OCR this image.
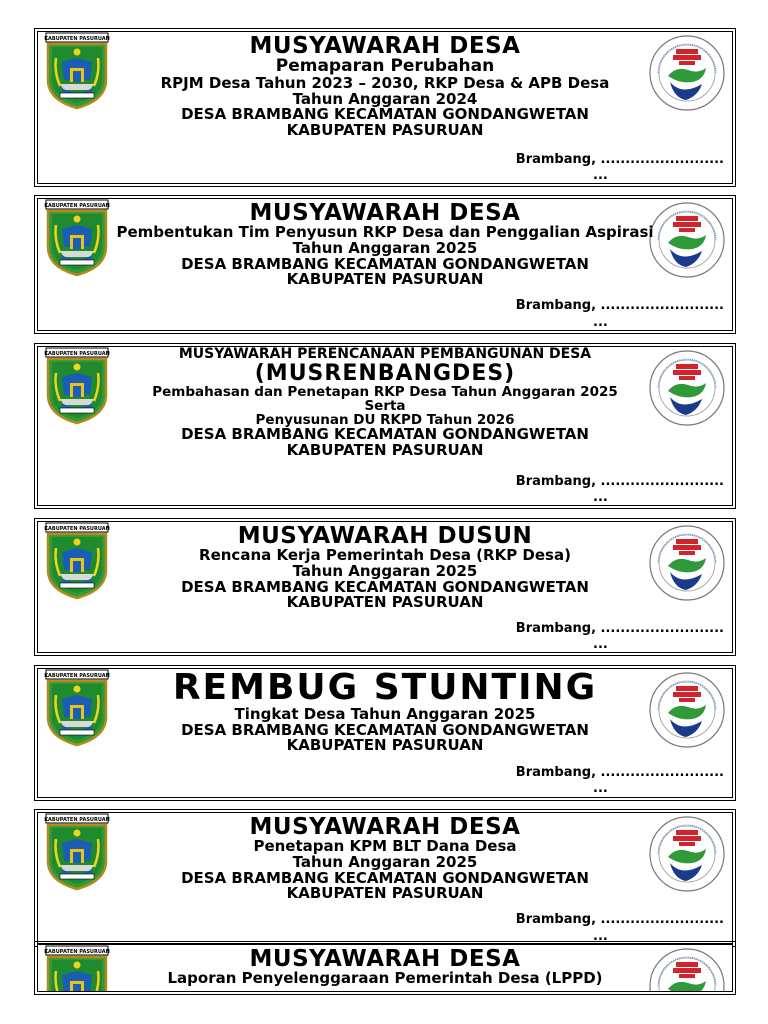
MUSYAWARAH DESA
Pemaparan Perubahan
RPJM Desa Tahun 2023 – 2030, RKP Desa & APB Desa
Tahun Anggaran 2024
DESA BRAMBANG KECAMATAN GONDANGWETAN
KABUPATEN PASURUAN
Brambang, .........................
...
MUSYAWARAH DESA
Pembentukan Tim Penyusun RKP Desa dan Penggalian Aspirasi
Tahun Anggaran 2025
DESA BRAMBANG KECAMATAN GONDANGWETAN
KABUPATEN PASURUAN
Brambang, .........................
...
MUSYAWARAH PERENCANAAN PEMBANGUNAN DESA
(MUSRENBANGDES)
Pembahasan dan Penetapan RKP Desa Tahun Anggaran 2025
Serta
Penyusunan DU RKPD Tahun 2026
DESA BRAMBANG KECAMATAN GONDANGWETAN
KABUPATEN PASURUAN
Brambang, .........................
...
MUSYAWARAH DUSUN
Rencana Kerja Pemerintah Desa (RKP Desa)
Tahun Anggaran 2025
DESA BRAMBANG KECAMATAN GONDANGWETAN
KABUPATEN PASURUAN
Brambang, .........................
...
REMBUG STUNTING
Tingkat Desa Tahun Anggaran 2025
DESA BRAMBANG KECAMATAN GONDANGWETAN
KABUPATEN PASURUAN
Brambang, .........................
...
MUSYAWARAH DESA
Penetapan KPM BLT Dana Desa
Tahun Anggaran 2025
DESA BRAMBANG KECAMATAN GONDANGWETAN
KABUPATEN PASURUAN
Brambang, .........................
...
MUSYAWARAH DESA
Laporan Penyelenggaraan Pemerintah Desa (LPPD)
